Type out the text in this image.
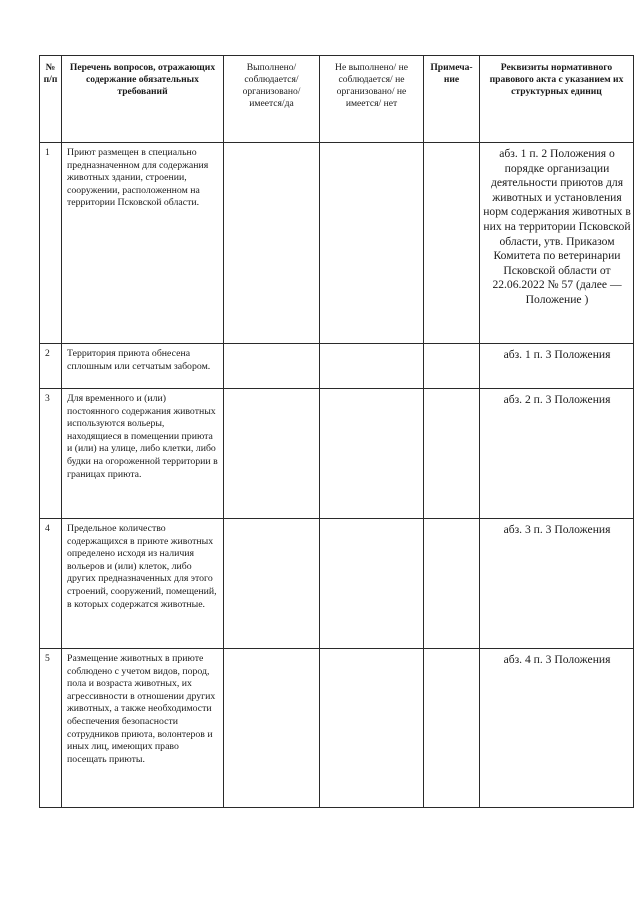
№ п/п	Перечень вопросов, отражающих содержание обязательных требований	Выполнено/ соблюдается/ организовано/ имеется/да	Не выполнено/ не соблюдается/ не организовано/ не имеется/ нет	Примеча-ние	Реквизиты нормативного правового акта с указанием их структурных единиц
1	Приют размещен в специально предназначенном для содержания животных здании, строении, сооружении, расположенном на территории Псковской области.				абз. 1 п. 2 Положения о порядке организации деятельности приютов для животных и установления норм содержания животных в них на территории Псковской области, утв. Приказом Комитета по ветеринарии Псковской области от 22.06.2022 № 57 (далее — Положение )
2	Территория приюта обнесена сплошным или сетчатым забором.				абз. 1 п. 3 Положения
3	Для временного и (или) постоянного содержания животных используются вольеры, находящиеся в помещении приюта и (или) на улице, либо клетки, либо будки на огороженной территории в границах приюта.				абз. 2 п. 3 Положения
4	Предельное количество содержащихся в приюте животных определено исходя из наличия вольеров и (или) клеток, либо других предназначенных для этого строений, сооружений, помещений, в которых содержатся животные.				абз. 3 п. 3 Положения
5	Размещение животных в приюте соблюдено с учетом видов, пород, пола и возраста животных, их агрессивности в отношении других животных, а также необходимости обеспечения безопасности сотрудников приюта, волонтеров и иных лиц, имеющих право посещать приюты.				абз. 4 п. 3 Положения
